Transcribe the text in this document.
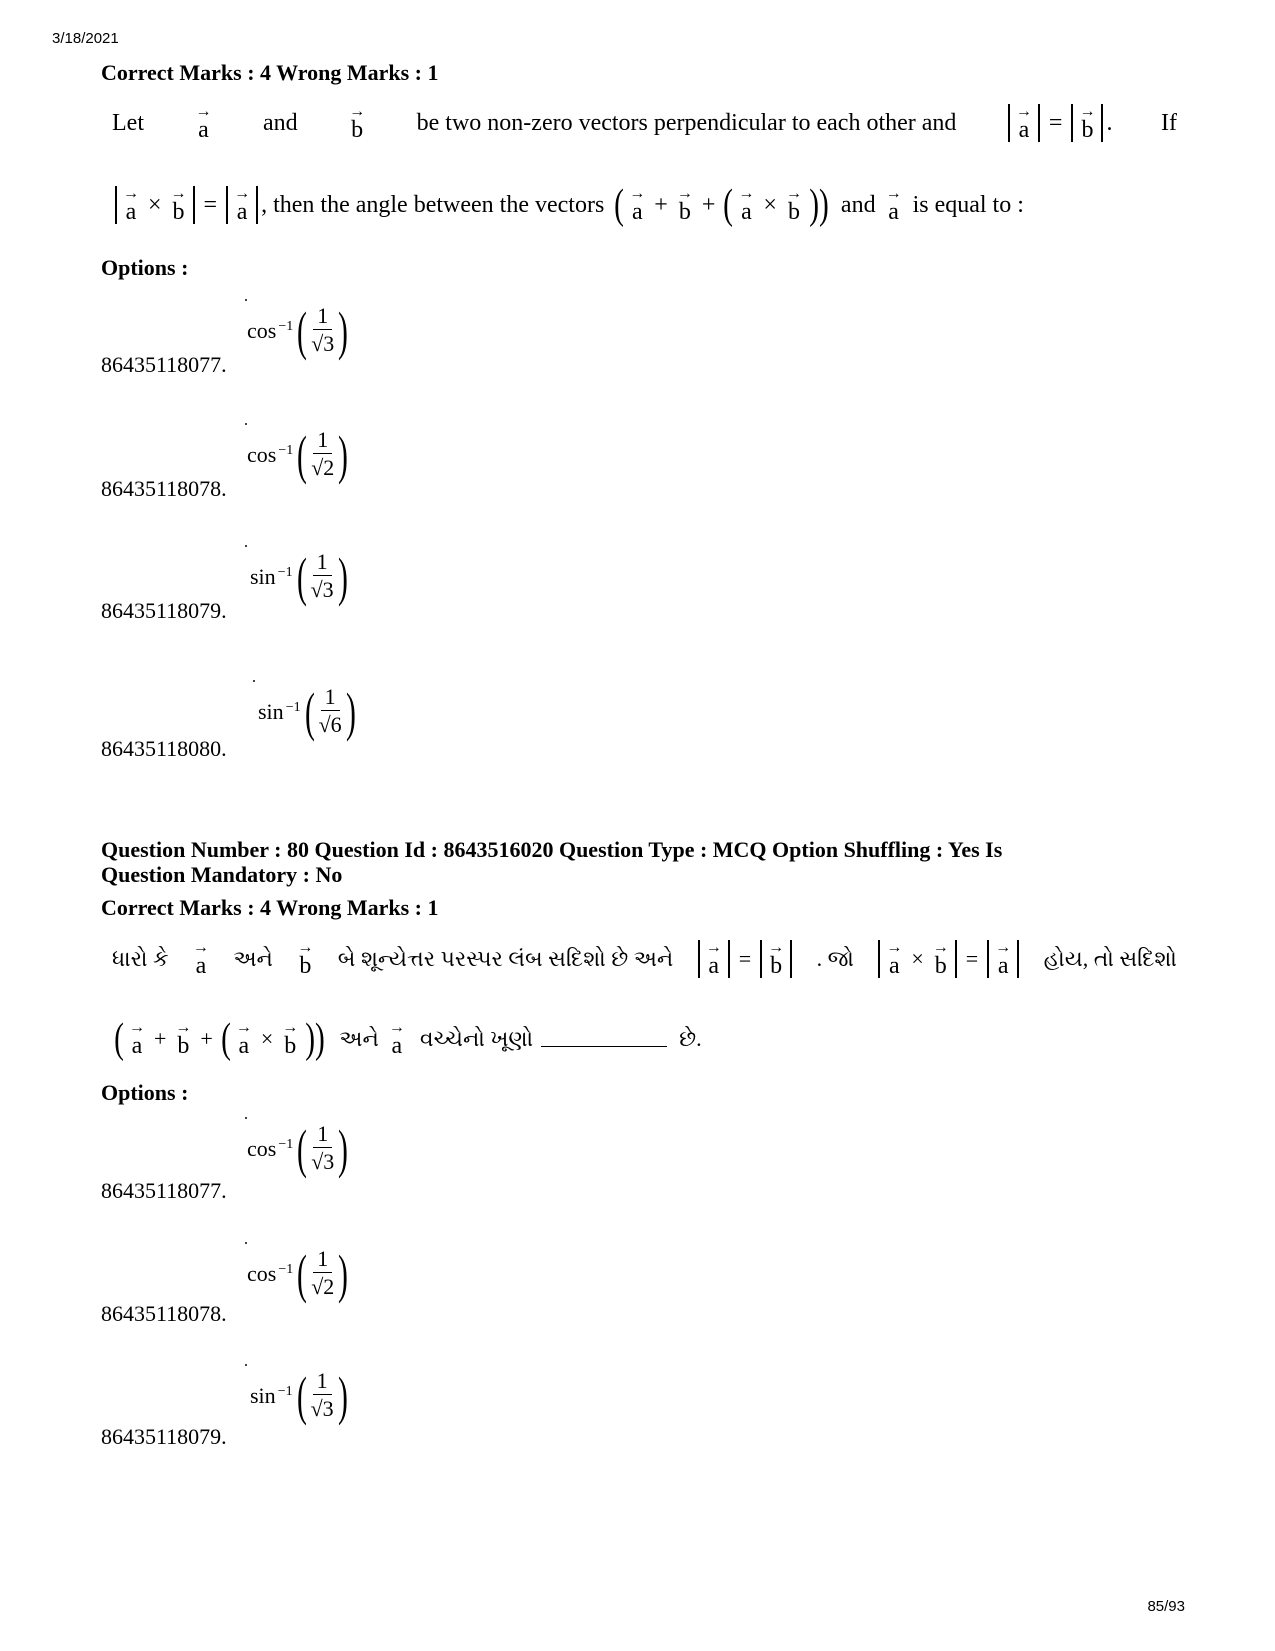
3/18/2021
Correct Marks : 4 Wrong Marks : 1
Let	→
a and	→
b be two non-zero vectors perpendicular to each other and	→
a = →
b . If
→
a × →
b = →
a , then the angle between the vectors ( →
a + →
b + ( →
a × →
b )) and →
a is equal to :
Options :
$\cos^{-1}$ ( $\frac{1}{√3}$ )
86435118077.
$\cos^{-1}$ ( $\frac{1}{√2}$ )
86435118078.
$\sin^{-1}$ ( $\frac{1}{√3}$ )
86435118079.
$\sin^{-1}$ ( $\frac{1}{√6}$ )
86435118080.
Question Number : 80 Question Id : 8643516020 Question Type : MCQ Option Shuffling : Yes Is
Question Mandatory : No
Correct Marks : 4 Wrong Marks : 1
ધારો કે →
a અને →
b બે શૂન્યેત્તર પરસ્પર લંબ સદિશો છે અને →
a = →
b . જો →
a × →
b = →
a હોય, તો સદિશો
( →
a + →
b + ( →
a × →
b )) અને →
a વચ્ચેનો ખૂણો	છે.
Options :
$\cos^{-1}$ ( $\frac{1}{√3}$ )
86435118077.
$\cos^{-1}$ ( $\frac{1}{√2}$ )
86435118078.
$\sin^{-1}$ ( $\frac{1}{√3}$ )
86435118079.
85/93
